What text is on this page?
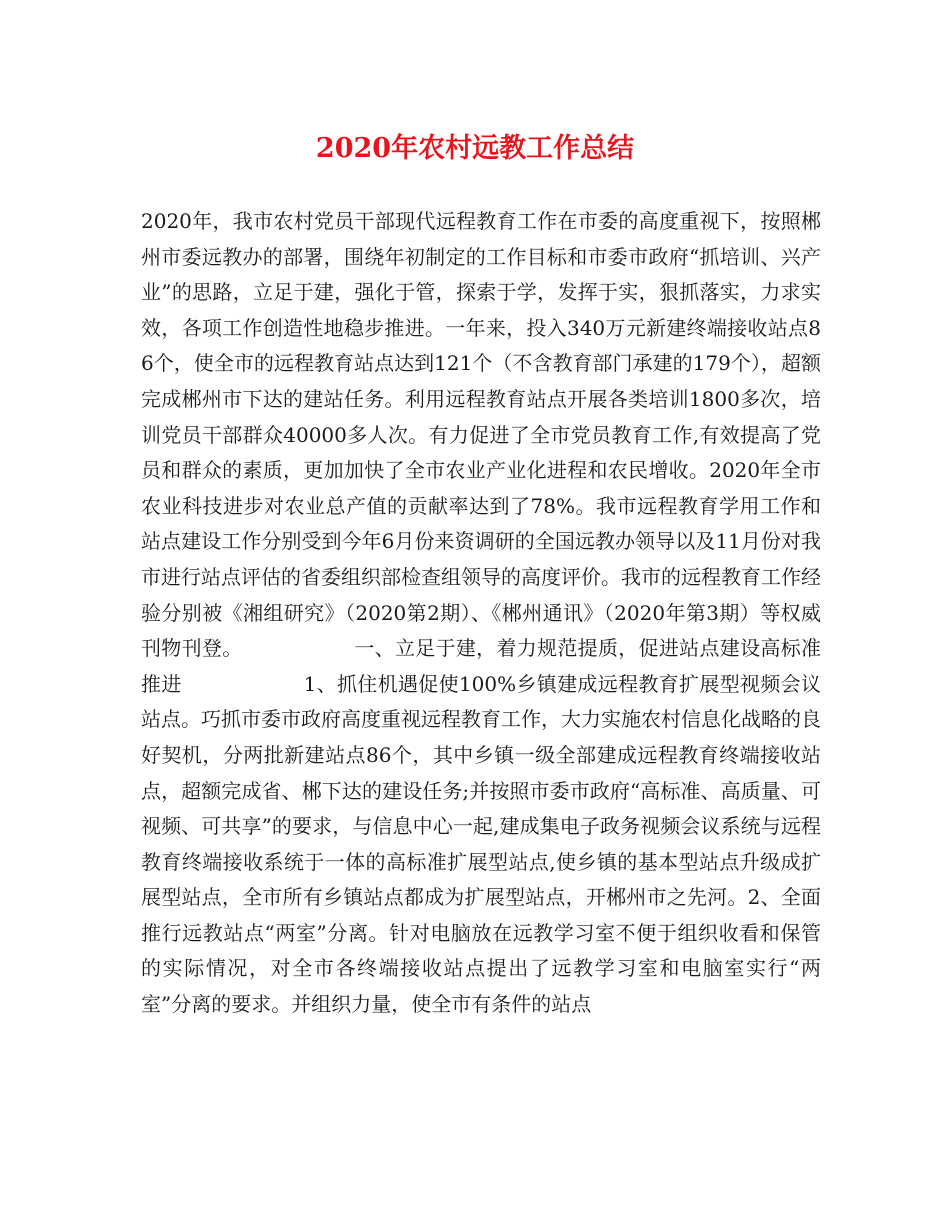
2020年农村远教工作总结

2020年，我市农村党员干部现代远程教育工作在市委的高度重视下，按照郴州市委远教办的部署，围绕年初制定的工作目标和市委市政府“抓培训、兴产业”的思路，立足于建，强化于管，探索于学，发挥于实，狠抓落实，力求实效，各项工作创造性地稳步推进。一年来，投入340万元新建终端接收站点86个，使全市的远程教育站点达到121个（不含教育部门承建的179个），超额完成郴州市下达的建站任务。利用远程教育站点开展各类培训1800多次，培训党员干部群众40000多人次。有力促进了全市党员教育工作,有效提高了党员和群众的素质，更加加快了全市农业产业化进程和农民增收。2020年全市农业科技进步对农业总产值的贡献率达到了78%。我市远程教育学用工作和站点建设工作分别受到今年6月份来资调研的全国远教办领导以及11月份对我市进行站点评估的省委组织部检查组领导的高度评价。我市的远程教育工作经验分别被《湘组研究》（2020第2期）、《郴州通讯》（2020年第3期）等权威刊物刊登。　　　　　　一、立足于建，着力规范提质，促进站点建设高标准推进　　　　　　1、抓住机遇促使100%乡镇建成远程教育扩展型视频会议站点。巧抓市委市政府高度重视远程教育工作，大力实施农村信息化战略的良好契机，分两批新建站点86个，其中乡镇一级全部建成远程教育终端接收站点，超额完成省、郴下达的建设任务;并按照市委市政府“高标准、高质量、可视频、可共享”的要求，与信息中心一起,建成集电子政务视频会议系统与远程教育终端接收系统于一体的高标准扩展型站点,使乡镇的基本型站点升级成扩展型站点，全市所有乡镇站点都成为扩展型站点，开郴州市之先河。2、全面推行远教站点“两室”分离。针对电脑放在远教学习室不便于组织收看和保管的实际情况，对全市各终端接收站点提出了远教学习室和电脑室实行“两室”分离的要求。并组织力量，使全市有条件的站点
